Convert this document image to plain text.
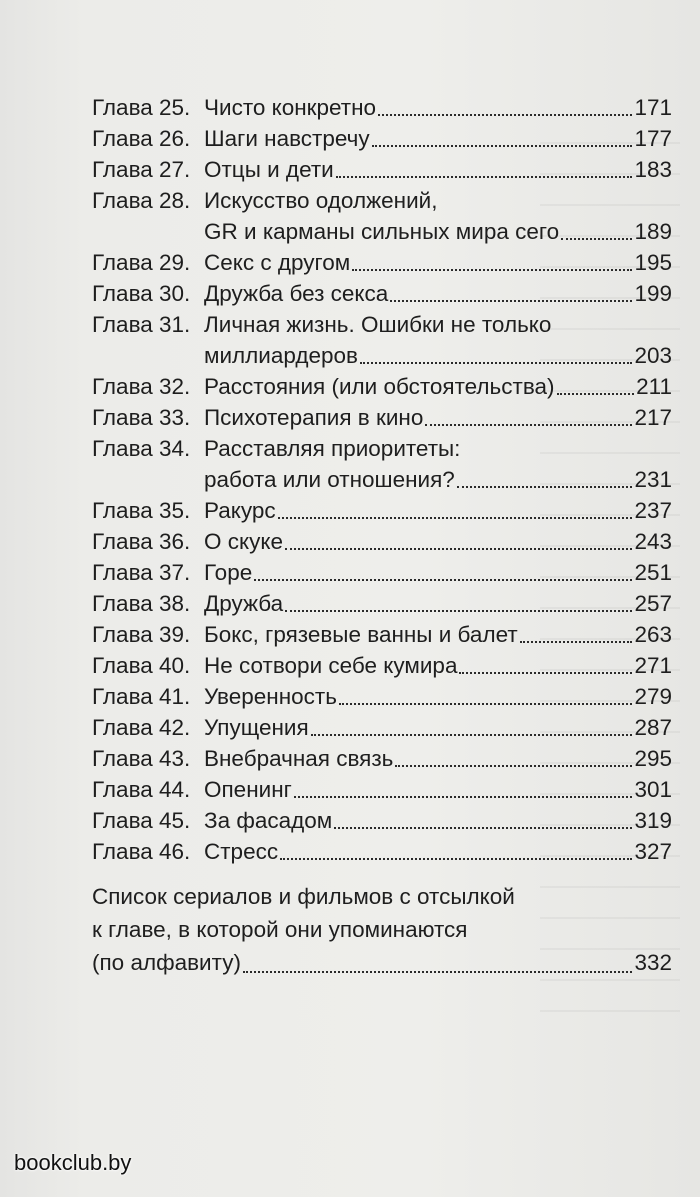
Глава 25. Чисто конкретно	171
Глава 26. Шаги навстречу	177
Глава 27. Отцы и дети	183
Глава 28. Искусство одолжений,
GR и карманы сильных мира сего	189
Глава 29. Секс с другом	195
Глава 30. Дружба без секса	199
Глава 31. Личная жизнь. Ошибки не только
миллиардеров	203
Глава 32. Расстояния (или обстоятельства)	211
Глава 33. Психотерапия в кино	217
Глава 34. Расставляя приоритеты:
работа или отношения?	231
Глава 35. Ракурс	237
Глава 36. О скуке	243
Глава 37. Горе	251
Глава 38. Дружба	257
Глава 39. Бокс, грязевые ванны и балет	263
Глава 40. Не сотвори себе кумира	271
Глава 41. Уверенность	279
Глава 42. Упущения	287
Глава 43. Внебрачная связь	295
Глава 44. Опенинг	301
Глава 45. За фасадом	319
Глава 46. Стресс	327
Список сериалов и фильмов с отсылкой
к главе, в которой они упоминаются
(по алфавиту)	332
bookclub.by
